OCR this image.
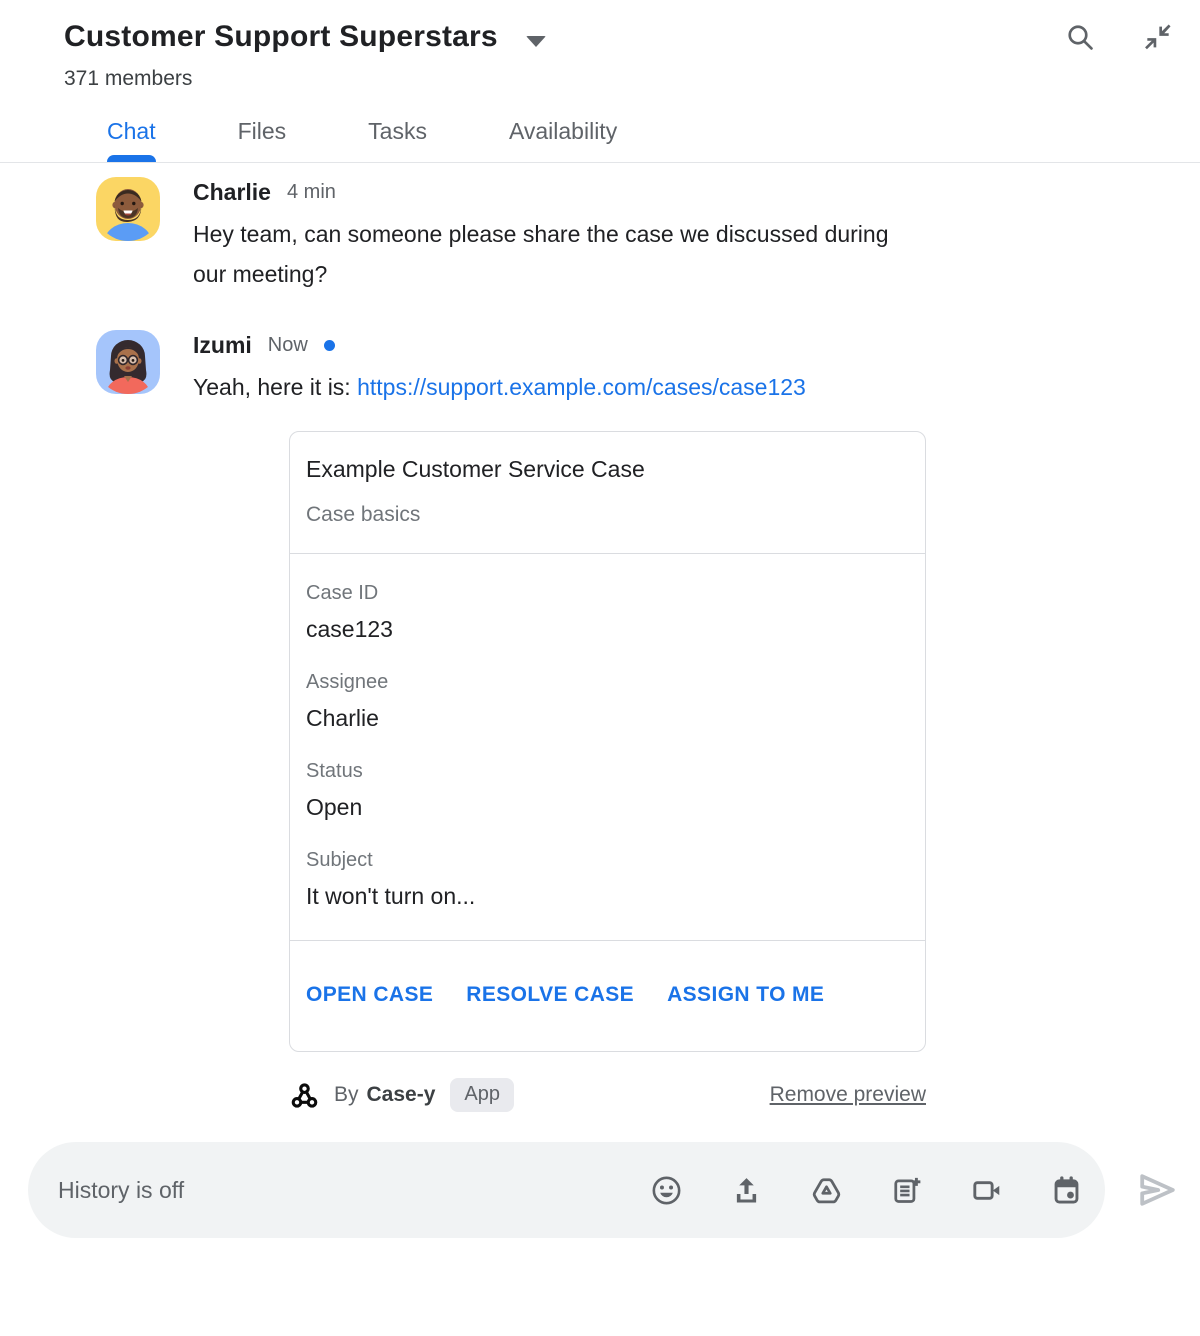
Customer Support Superstars
371 members
Chat	Files	Tasks	Availability
Charlie 4 min
Hey team, can someone please share the case we discussed during our meeting?
Izumi Now
Yeah, here it is: https://support.example.com/cases/case123
Example Customer Service Case
Case basics
Case ID
case123
Assignee
Charlie
Status
Open
Subject
It won't turn on...
OPEN CASE RESOLVE CASE ASSIGN TO ME
By Case-y	App	Remove preview
History is off
